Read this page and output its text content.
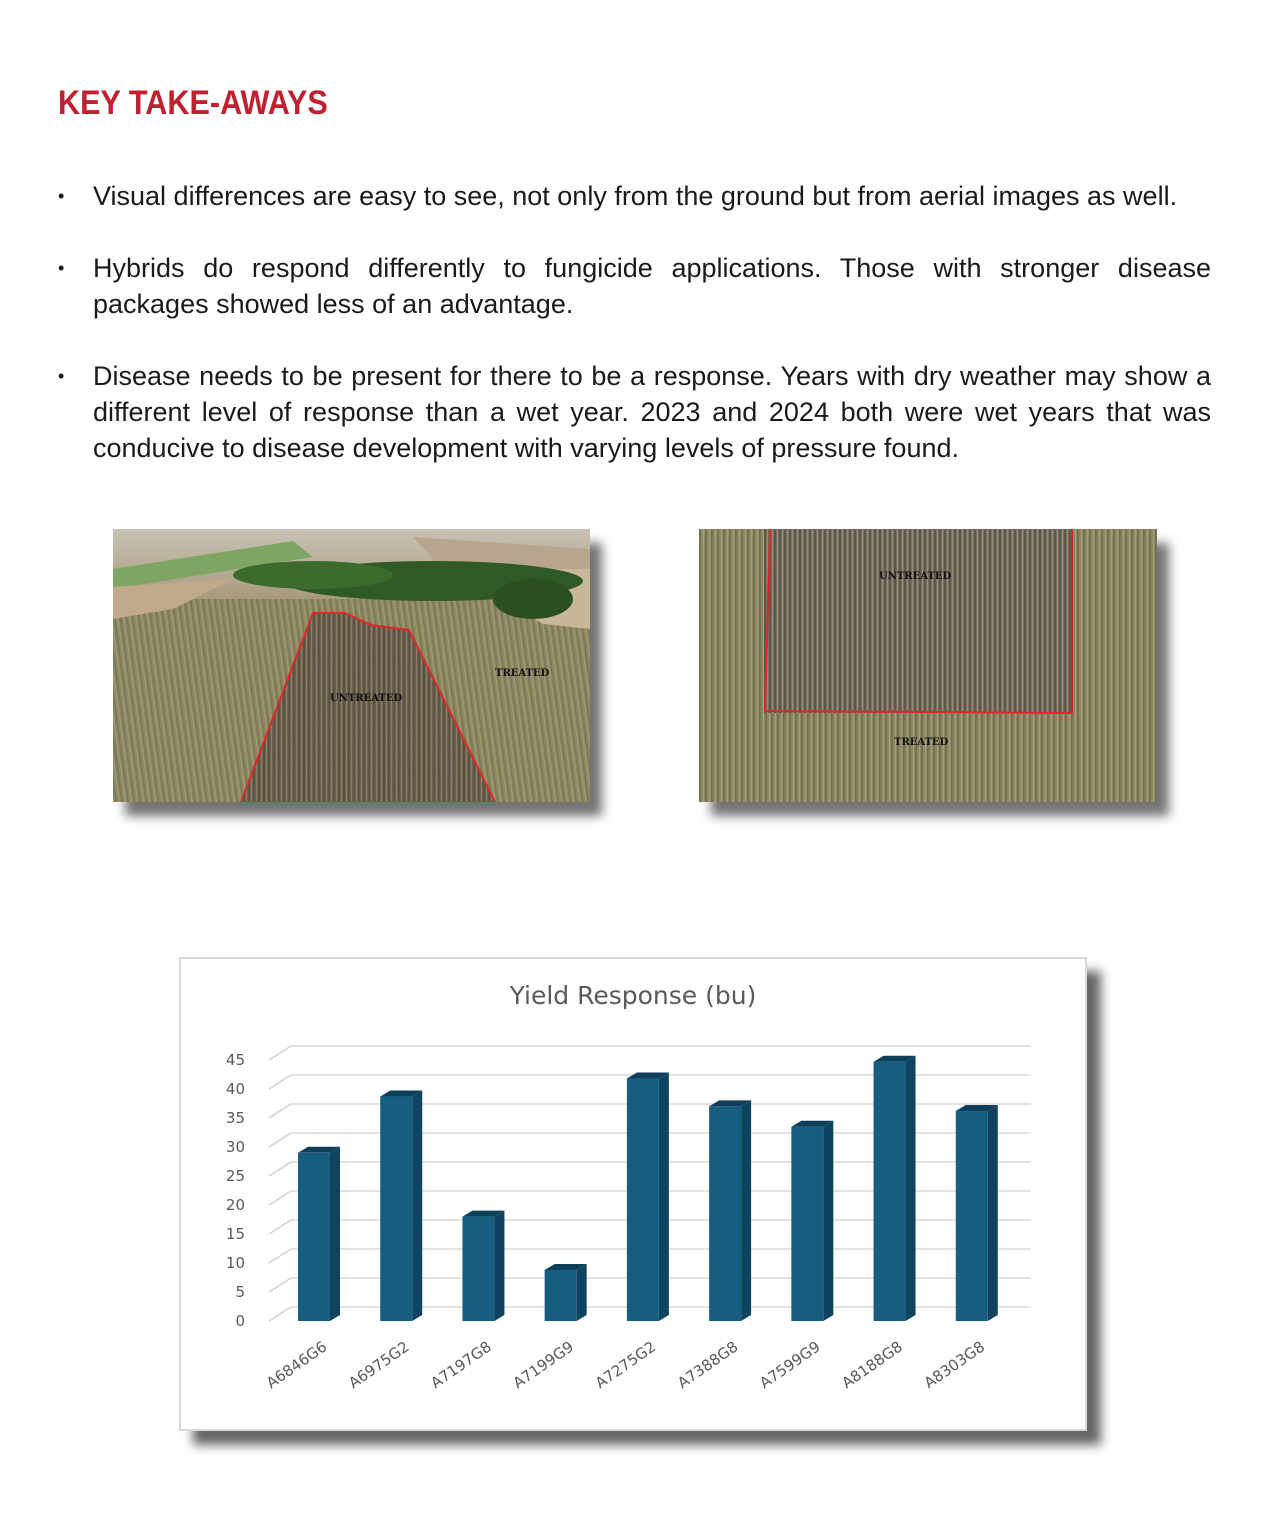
KEY TAKE-AWAYS
• Visual differences are easy to see, not only from the ground but from aerial images as well.
• Hybrids do respond differently to fungicide applications. Those with stronger disease packages showed less of an advantage.
• Disease needs to be present for there to be a response. Years with dry weather may show a different level of response than a wet year. 2023 and 2024 both were wet years that was conducive to disease development with varying levels of pressure found.
UNTREATED
TREATED
UNTREATED
TREATED
Yield Response (bu)
0
5
10
15
20
25
30
35
40
45
A6846G6 A6975G2 A7197G8 A7199G9 A7275G2 A7388G8 A7599G9 A8188G8 A8303G8
